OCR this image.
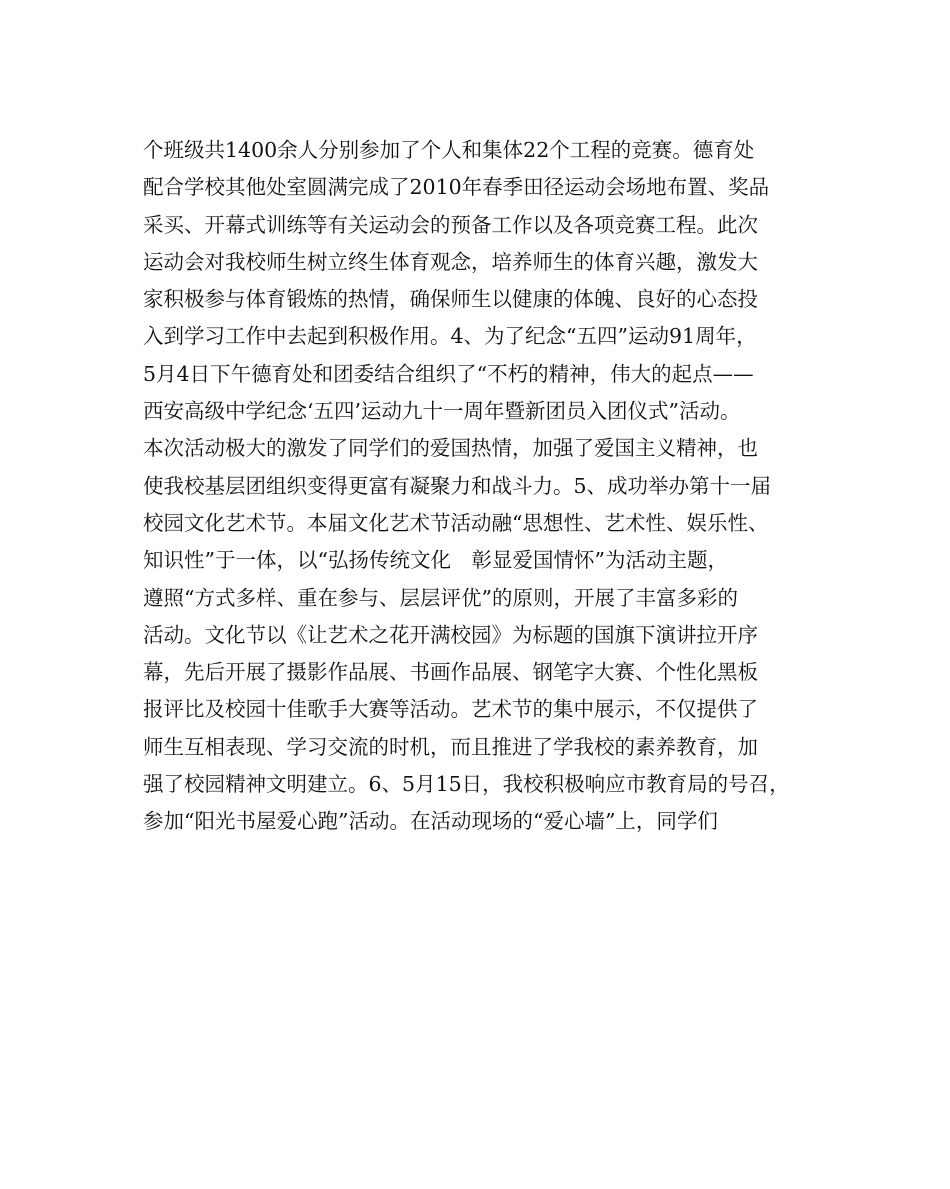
个班级共1400余人分别参加了个人和集体22个工程的竞赛。德育处

配合学校其他处室圆满完成了2010年春季田径运动会场地布置、奖品

采买、开幕式训练等有关运动会的预备工作以及各项竞赛工程。此次

运动会对我校师生树立终生体育观念，培养师生的体育兴趣，激发大

家积极参与体育锻炼的热情，确保师生以健康的体魄、良好的心态投

入到学习工作中去起到积极作用。4、为了纪念“五四”运动91周年，

5月4日下午德育处和团委结合组织了“不朽的精神，伟大的起点——

西安高级中学纪念‘五四’运动九十一周年暨新团员入团仪式”活动。

本次活动极大的激发了同学们的爱国热情，加强了爱国主义精神，也

使我校基层团组织变得更富有凝聚力和战斗力。5、成功举办第十一届

校园文化艺术节。本届文化艺术节活动融“思想性、艺术性、娱乐性、

知识性”于一体，以“弘扬传统文化　彰显爱国情怀”为活动主题，

遵照“方式多样、重在参与、层层评优”的原则，开展了丰富多彩的

活动。文化节以《让艺术之花开满校园》为标题的国旗下演讲拉开序

幕，先后开展了摄影作品展、书画作品展、钢笔字大赛、个性化黑板

报评比及校园十佳歌手大赛等活动。艺术节的集中展示，不仅提供了

师生互相表现、学习交流的时机，而且推进了学我校的素养教育，加

强了校园精神文明建立。6、5月15日，我校积极响应市教育局的号召，

参加“阳光书屋爱心跑”活动。在活动现场的“爱心墙”上，同学们
